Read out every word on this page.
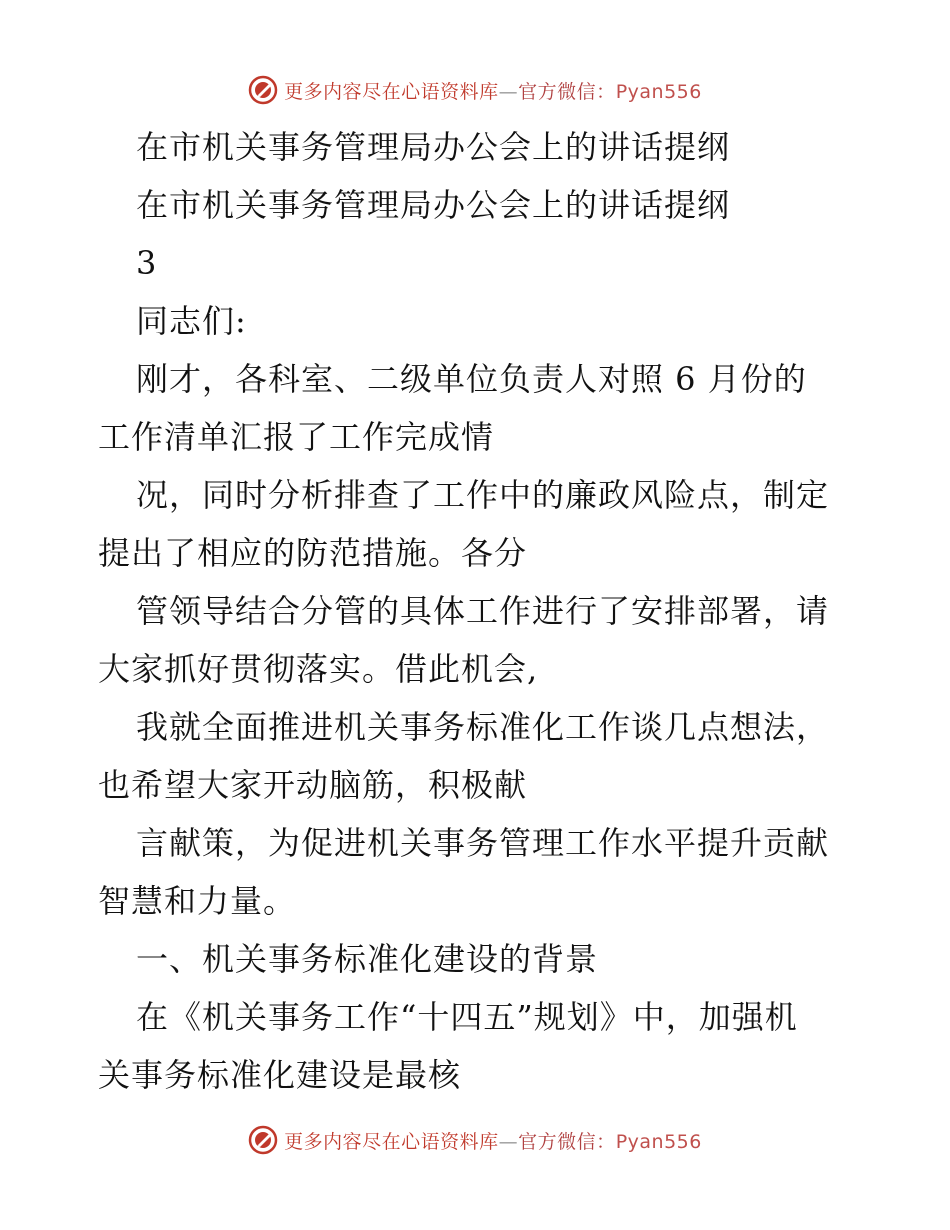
更多内容尽在心语资料库—官方微信：Pyan556
在市机关事务管理局办公会上的讲话提纲
在市机关事务管理局办公会上的讲话提纲
3
同志们:
刚才，各科室、二级单位负责人对照 6 月份的
工作清单汇报了工作完成情
况，同时分析排查了工作中的廉政风险点，制定
提出了相应的防范措施。各分
管领导结合分管的具体工作进行了安排部署，请
大家抓好贯彻落实。借此机会,
我就全面推进机关事务标准化工作谈几点想法，
也希望大家开动脑筋，积极献
言献策，为促进机关事务管理工作水平提升贡献
智慧和力量。
一、机关事务标准化建设的背景
在《机关事务工作“十四五”规划》中，加强机
关事务标准化建设是最核
更多内容尽在心语资料库—官方微信：Pyan556
